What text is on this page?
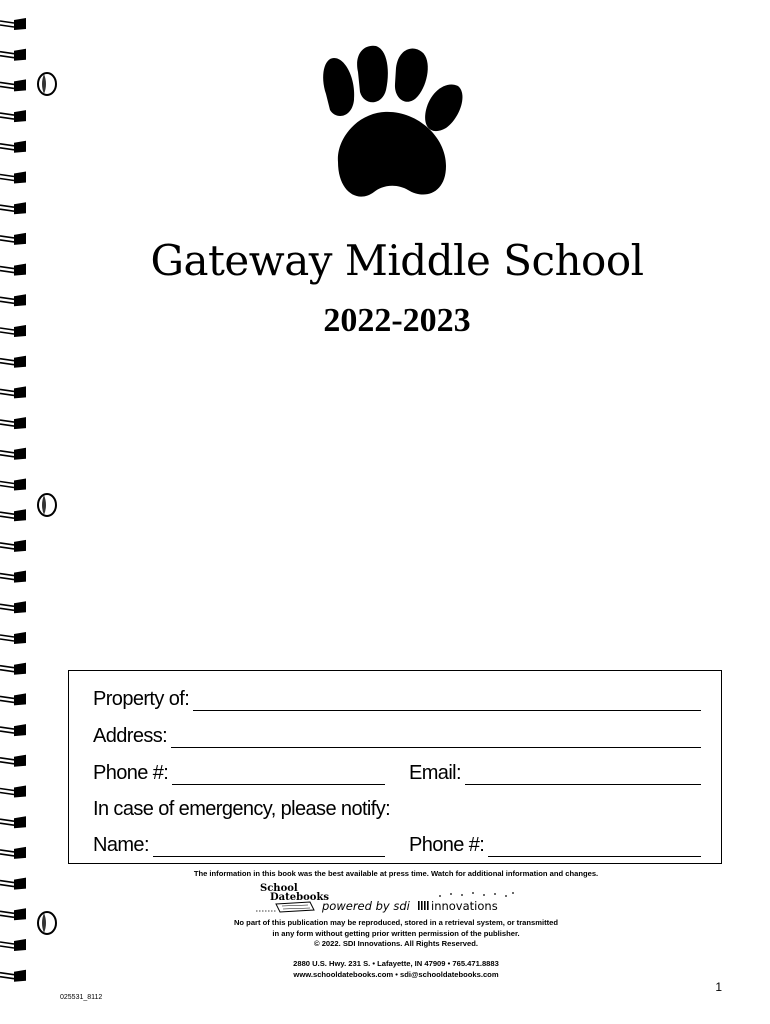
Gateway Middle School
2022-2023
Property of:
Address:
Phone #:	Email:
In case of emergency, please notify:
Name:	Phone #:
The information in this book was the best available at press time. Watch for additional information and changes.
School
Datebooks
powered by sdi innovations
No part of this publication may be reproduced, stored in a retrieval system, or transmitted
in any form without getting prior written permission of the publisher.
© 2022. SDI Innovations. All Rights Reserved.
2880 U.S. Hwy. 231 S. • Lafayette, IN 47909 • 765.471.8883
www.schooldatebooks.com • sdi@schooldatebooks.com
1
025531_8112
